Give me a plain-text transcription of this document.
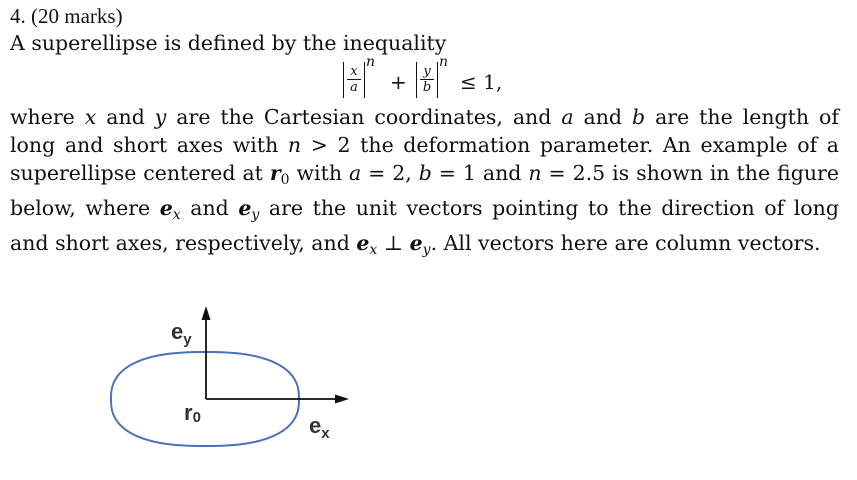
4. (20 marks)
A superellipse is defined by the inequality
$\frac{x}{a}$ n
+ $\frac{y}{b}$ n
≤ 1,
where x and y are the Cartesian coordinates, and a and b are the length of long and short axes with n > 2 the deformation parameter. An example of a superellipse centered at $r_0$ with a = 2, b = 1 and n = 2.5 is shown in the figure below, where $e_x$ and $e_y$ are the unit vectors pointing to the direction of long and short axes, respectively, and $e_x$ ⊥ $e_y$. All vectors here are column vectors.
$e_y$
r0	$e_x$
